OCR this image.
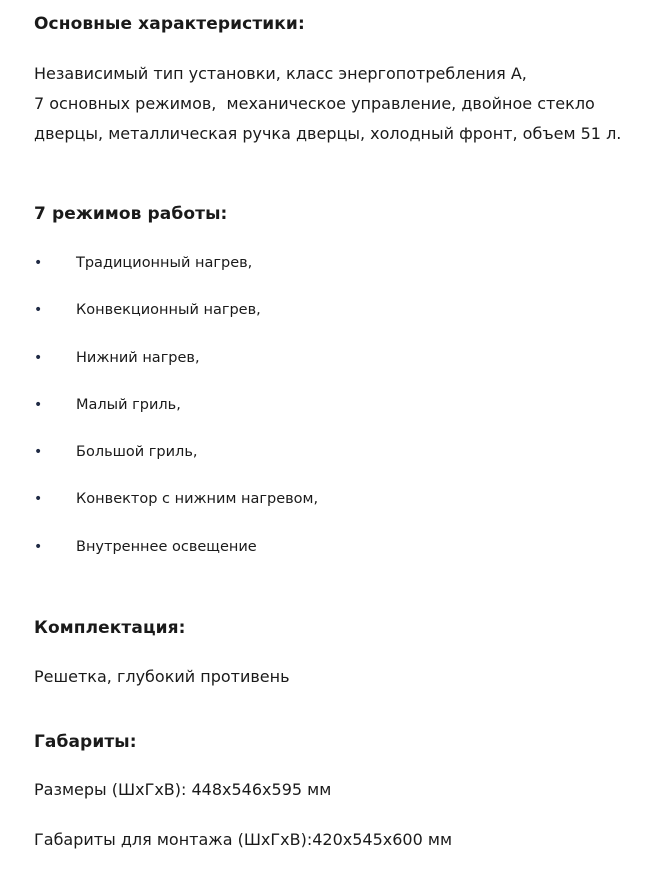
Основные характеристики:

Независимый тип установки, класс энергопотребления А,
7 основных режимов,  механическое управление, двойное стекло дверцы, металлическая ручка дверцы, холодный фронт, объем 51 л.

7 режимов работы:
• Традиционный нагрев,
• Конвекционный нагрев,
• Нижний нагрев,
• Малый гриль,
• Большой гриль,
• Конвектор с нижним нагревом,
• Внутреннее освещение
Комплектация:

Решетка, глубокий противень

Габариты:

Размеры (ШхГхВ): 448х546х595 мм

Габариты для монтажа (ШхГхВ):420х545х600 мм
